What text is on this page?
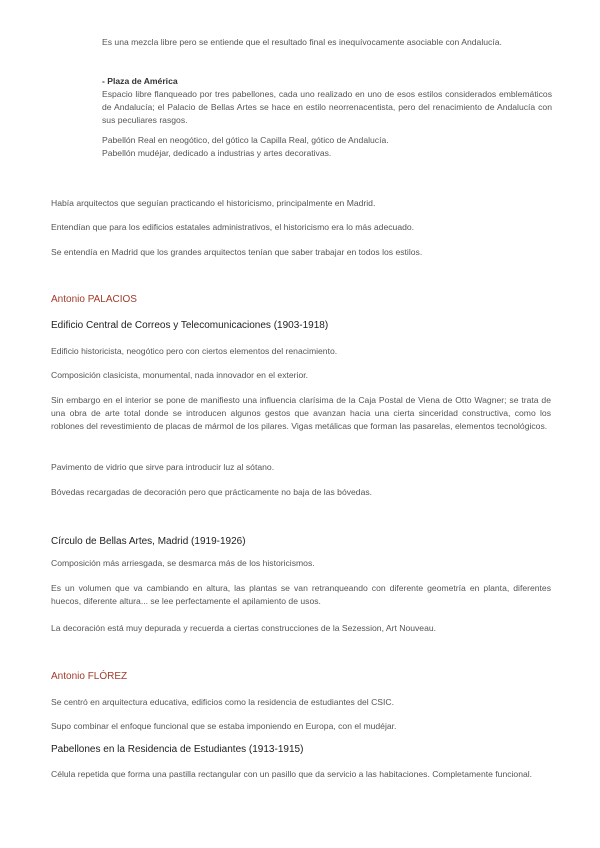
Es una mezcla libre pero se entiende que el resultado final es inequívocamente asociable con Andalucía.
- Plaza de América
Espacio libre flanqueado por tres pabellones, cada uno realizado en uno de esos estilos considerados emblemáticos de Andalucía; el Palacio de Bellas Artes se hace en estilo neorrenacentista, pero del renacimiento de Andalucía con sus peculiares rasgos.
Pabellón Real en neogótico, del gótico la Capilla Real, gótico de Andalucía.
Pabellón mudéjar, dedicado a industrias y artes decorativas.
Había arquitectos que seguían practicando el historicismo, principalmente en Madrid.
Entendían que para los edificios estatales administrativos, el historicismo era lo más adecuado.
Se entendía en Madrid que los grandes arquitectos tenían que saber trabajar en todos los estilos.
Antonio PALACIOS
Edificio Central de Correos y Telecomunicaciones (1903-1918)
Edificio historicista, neogótico pero con ciertos elementos del renacimiento.
Composición clasicista, monumental, nada innovador en el exterior.
Sin embargo en el interior se pone de manifiesto una influencia clarísima de la Caja Postal de Viena de Otto Wagner; se trata de una obra de arte total donde se introducen algunos gestos que avanzan hacia una cierta sinceridad constructiva, como los roblones del revestimiento de placas de mármol de los pilares. Vigas metálicas que forman las pasarelas, elementos tecnológicos.
Pavimento de vidrio que sirve para introducir luz al sótano.
Bóvedas recargadas de decoración pero que prácticamente no baja de las bóvedas.
Círculo de Bellas Artes, Madrid (1919-1926)
Composición más arriesgada, se desmarca más de los historicismos.
Es un volumen que va cambiando en altura, las plantas se van retranqueando con diferente geometría en planta, diferentes huecos, diferente altura... se lee perfectamente el apilamiento de usos.
La decoración está muy depurada y recuerda a ciertas construcciones de la Sezession, Art Nouveau.
Antonio FLÓREZ
Se centró en arquitectura educativa, edificios como la residencia de estudiantes del CSIC.
Supo combinar el enfoque funcional que se estaba imponiendo en Europa, con el mudéjar.
Pabellones en la Residencia de Estudiantes (1913-1915)
Célula repetida que forma una pastilla rectangular con un pasillo que da servicio a las habitaciones. Completamente funcional.
